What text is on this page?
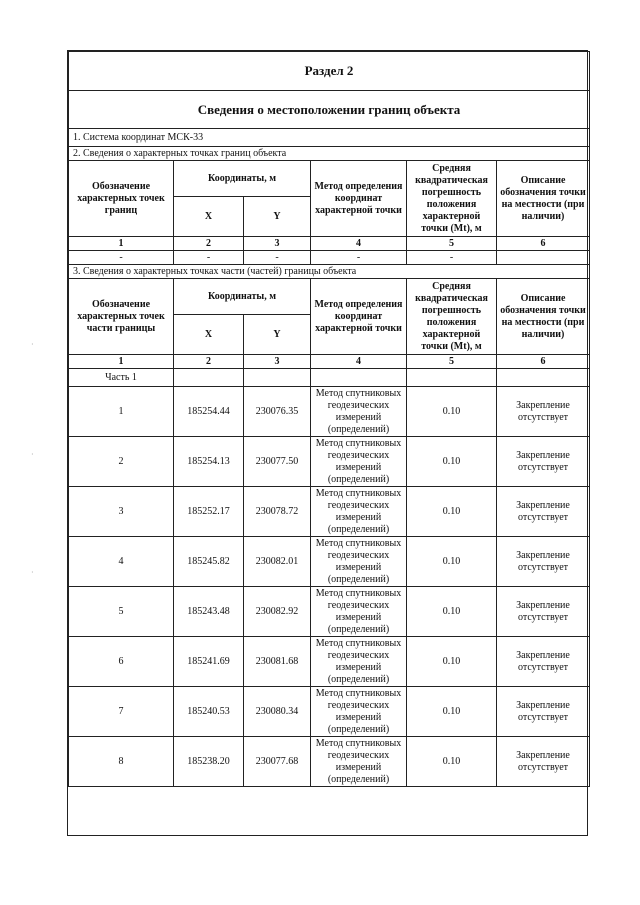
Раздел 2					
Сведения о местоположении границ объекта					
1. Система координат МСК-33					
2. Сведения о характерных точках границ объекта					
Обозначение характерных точек границ	Координаты, м		Метод определения координат характерной точки	Средняя квадратическая погрешность положения характерной точки (Mt), м	Описание обозначения точки на местности (при наличии)
	X	Y			
1	2	3	4	5	6
-	-	-	-	-	
3. Сведения о характерных точках части (частей) границы объекта					
Обозначение характерных точек части границы	Координаты, м		Метод определения координат характерной точки	Средняя квадратическая погрешность положения характерной точки (Mt), м	Описание обозначения точки на местности (при наличии)
	X	Y			
1	2	3	4	5	6
Часть 1					
1	185254.44	230076.35	Метод спутниковых геодезических измерений (определений)	0.10	Закрепление отсутствует
2	185254.13	230077.50	Метод спутниковых геодезических измерений (определений)	0.10	Закрепление отсутствует
3	185252.17	230078.72	Метод спутниковых геодезических измерений (определений)	0.10	Закрепление отсутствует
4	185245.82	230082.01	Метод спутниковых геодезических измерений (определений)	0.10	Закрепление отсутствует
5	185243.48	230082.92	Метод спутниковых геодезических измерений (определений)	0.10	Закрепление отсутствует
6	185241.69	230081.68	Метод спутниковых геодезических измерений (определений)	0.10	Закрепление отсутствует
7	185240.53	230080.34	Метод спутниковых геодезических измерений (определений)	0.10	Закрепление отсутствует
8	185238.20	230077.68	Метод спутниковых геодезических измерений (определений)	0.10	Закрепление отсутствует
·
·
·
